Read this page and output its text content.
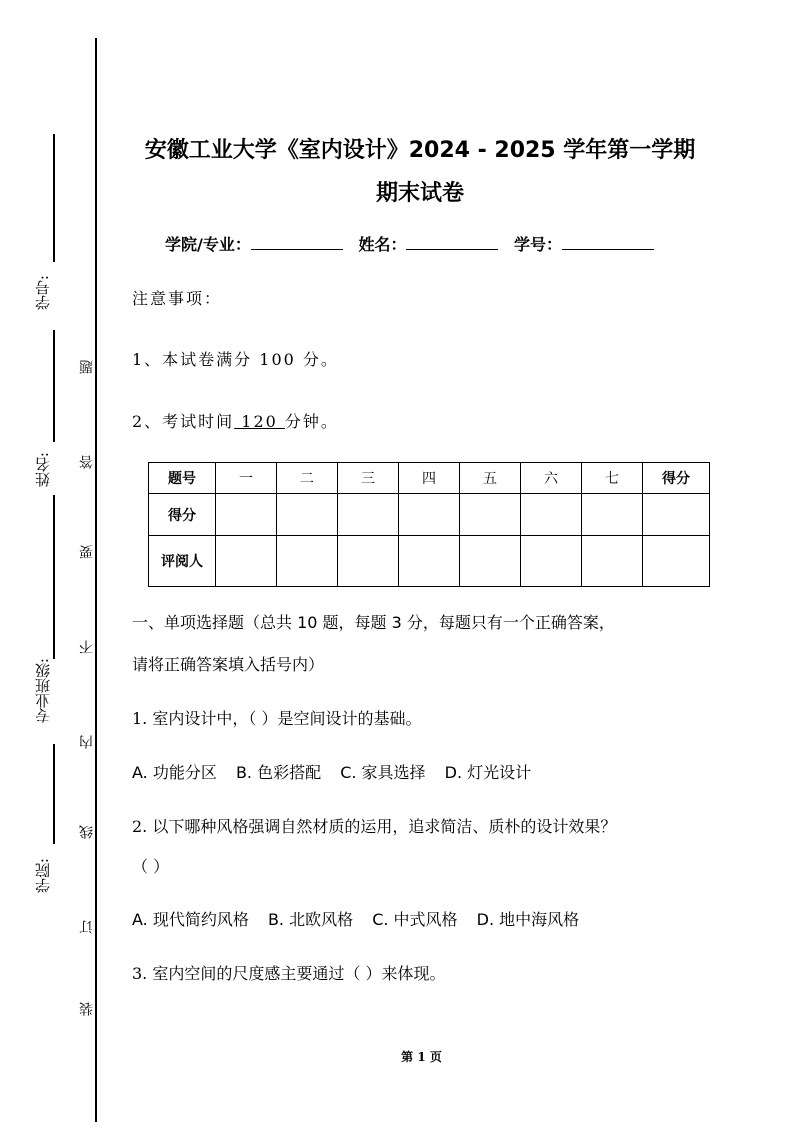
学号:
姓名:
专业班级:
学院:
题
答
要
不
内
线
订
装
安徽工业大学《室内设计》2024 - 2025 学年第一学期
期末试卷
学院/专业：	姓名：	学号：
注意事项：
1、本试卷满分 100 分。
2、考试时间 120 分钟。
题号	一	二	三	四	五	六	七	得分
得分								
评阅人								
一、单项选择题（总共 10 题，每题 3 分，每题只有一个正确答案，
请将正确答案填入括号内）
1. 室内设计中，（ ）是空间设计的基础。
A. 功能分区 B. 色彩搭配 C. 家具选择 D. 灯光设计
2. 以下哪种风格强调自然材质的运用，追求简洁、质朴的设计效果？
（ ）
A. 现代简约风格 B. 北欧风格 C. 中式风格 D. 地中海风格
3. 室内空间的尺度感主要通过（ ）来体现。
第 1 页
